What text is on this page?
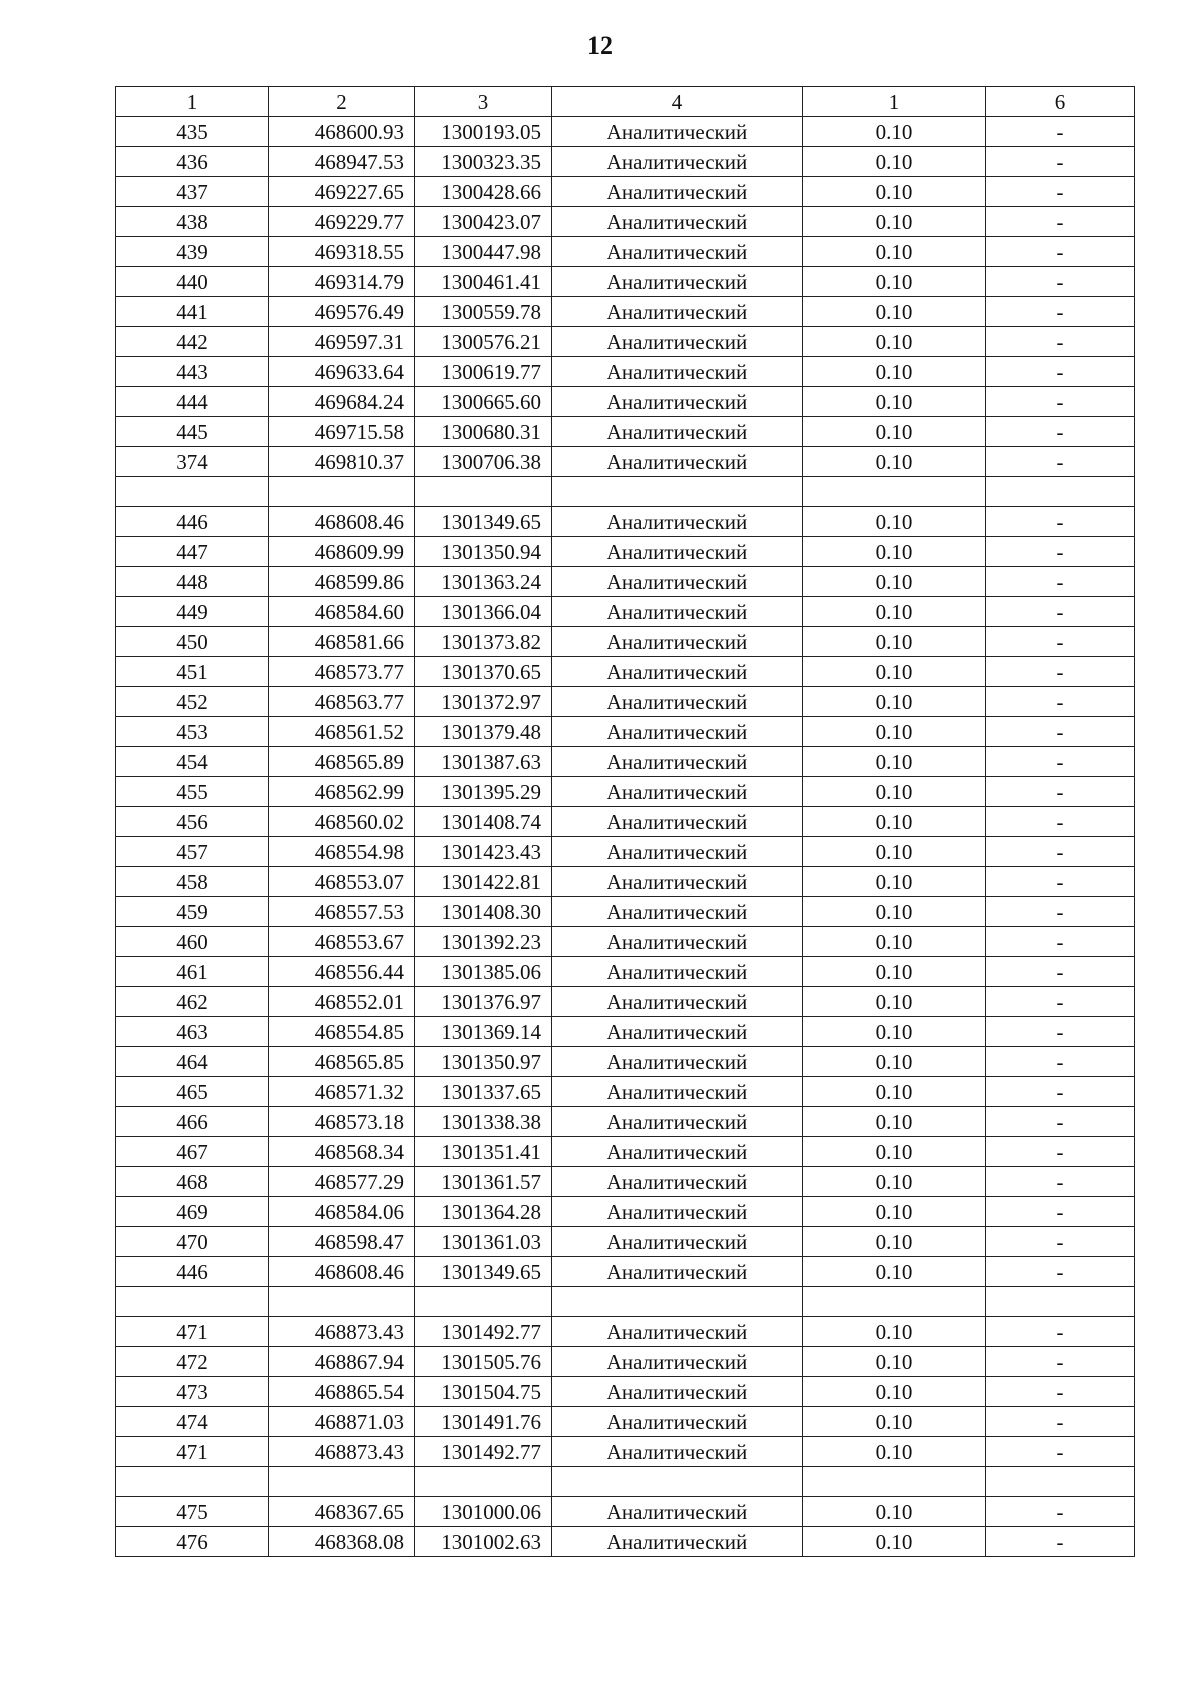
12
1	2	3	4	1	6
435	468600.93	1300193.05	Аналитический	0.10	-
436	468947.53	1300323.35	Аналитический	0.10	-
437	469227.65	1300428.66	Аналитический	0.10	-
438	469229.77	1300423.07	Аналитический	0.10	-
439	469318.55	1300447.98	Аналитический	0.10	-
440	469314.79	1300461.41	Аналитический	0.10	-
441	469576.49	1300559.78	Аналитический	0.10	-
442	469597.31	1300576.21	Аналитический	0.10	-
443	469633.64	1300619.77	Аналитический	0.10	-
444	469684.24	1300665.60	Аналитический	0.10	-
445	469715.58	1300680.31	Аналитический	0.10	-
374	469810.37	1300706.38	Аналитический	0.10	-

446	468608.46	1301349.65	Аналитический	0.10	-
447	468609.99	1301350.94	Аналитический	0.10	-
448	468599.86	1301363.24	Аналитический	0.10	-
449	468584.60	1301366.04	Аналитический	0.10	-
450	468581.66	1301373.82	Аналитический	0.10	-
451	468573.77	1301370.65	Аналитический	0.10	-
452	468563.77	1301372.97	Аналитический	0.10	-
453	468561.52	1301379.48	Аналитический	0.10	-
454	468565.89	1301387.63	Аналитический	0.10	-
455	468562.99	1301395.29	Аналитический	0.10	-
456	468560.02	1301408.74	Аналитический	0.10	-
457	468554.98	1301423.43	Аналитический	0.10	-
458	468553.07	1301422.81	Аналитический	0.10	-
459	468557.53	1301408.30	Аналитический	0.10	-
460	468553.67	1301392.23	Аналитический	0.10	-
461	468556.44	1301385.06	Аналитический	0.10	-
462	468552.01	1301376.97	Аналитический	0.10	-
463	468554.85	1301369.14	Аналитический	0.10	-
464	468565.85	1301350.97	Аналитический	0.10	-
465	468571.32	1301337.65	Аналитический	0.10	-
466	468573.18	1301338.38	Аналитический	0.10	-
467	468568.34	1301351.41	Аналитический	0.10	-
468	468577.29	1301361.57	Аналитический	0.10	-
469	468584.06	1301364.28	Аналитический	0.10	-
470	468598.47	1301361.03	Аналитический	0.10	-
446	468608.46	1301349.65	Аналитический	0.10	-

471	468873.43	1301492.77	Аналитический	0.10	-
472	468867.94	1301505.76	Аналитический	0.10	-
473	468865.54	1301504.75	Аналитический	0.10	-
474	468871.03	1301491.76	Аналитический	0.10	-
471	468873.43	1301492.77	Аналитический	0.10	-

475	468367.65	1301000.06	Аналитический	0.10	-
476	468368.08	1301002.63	Аналитический	0.10	-
